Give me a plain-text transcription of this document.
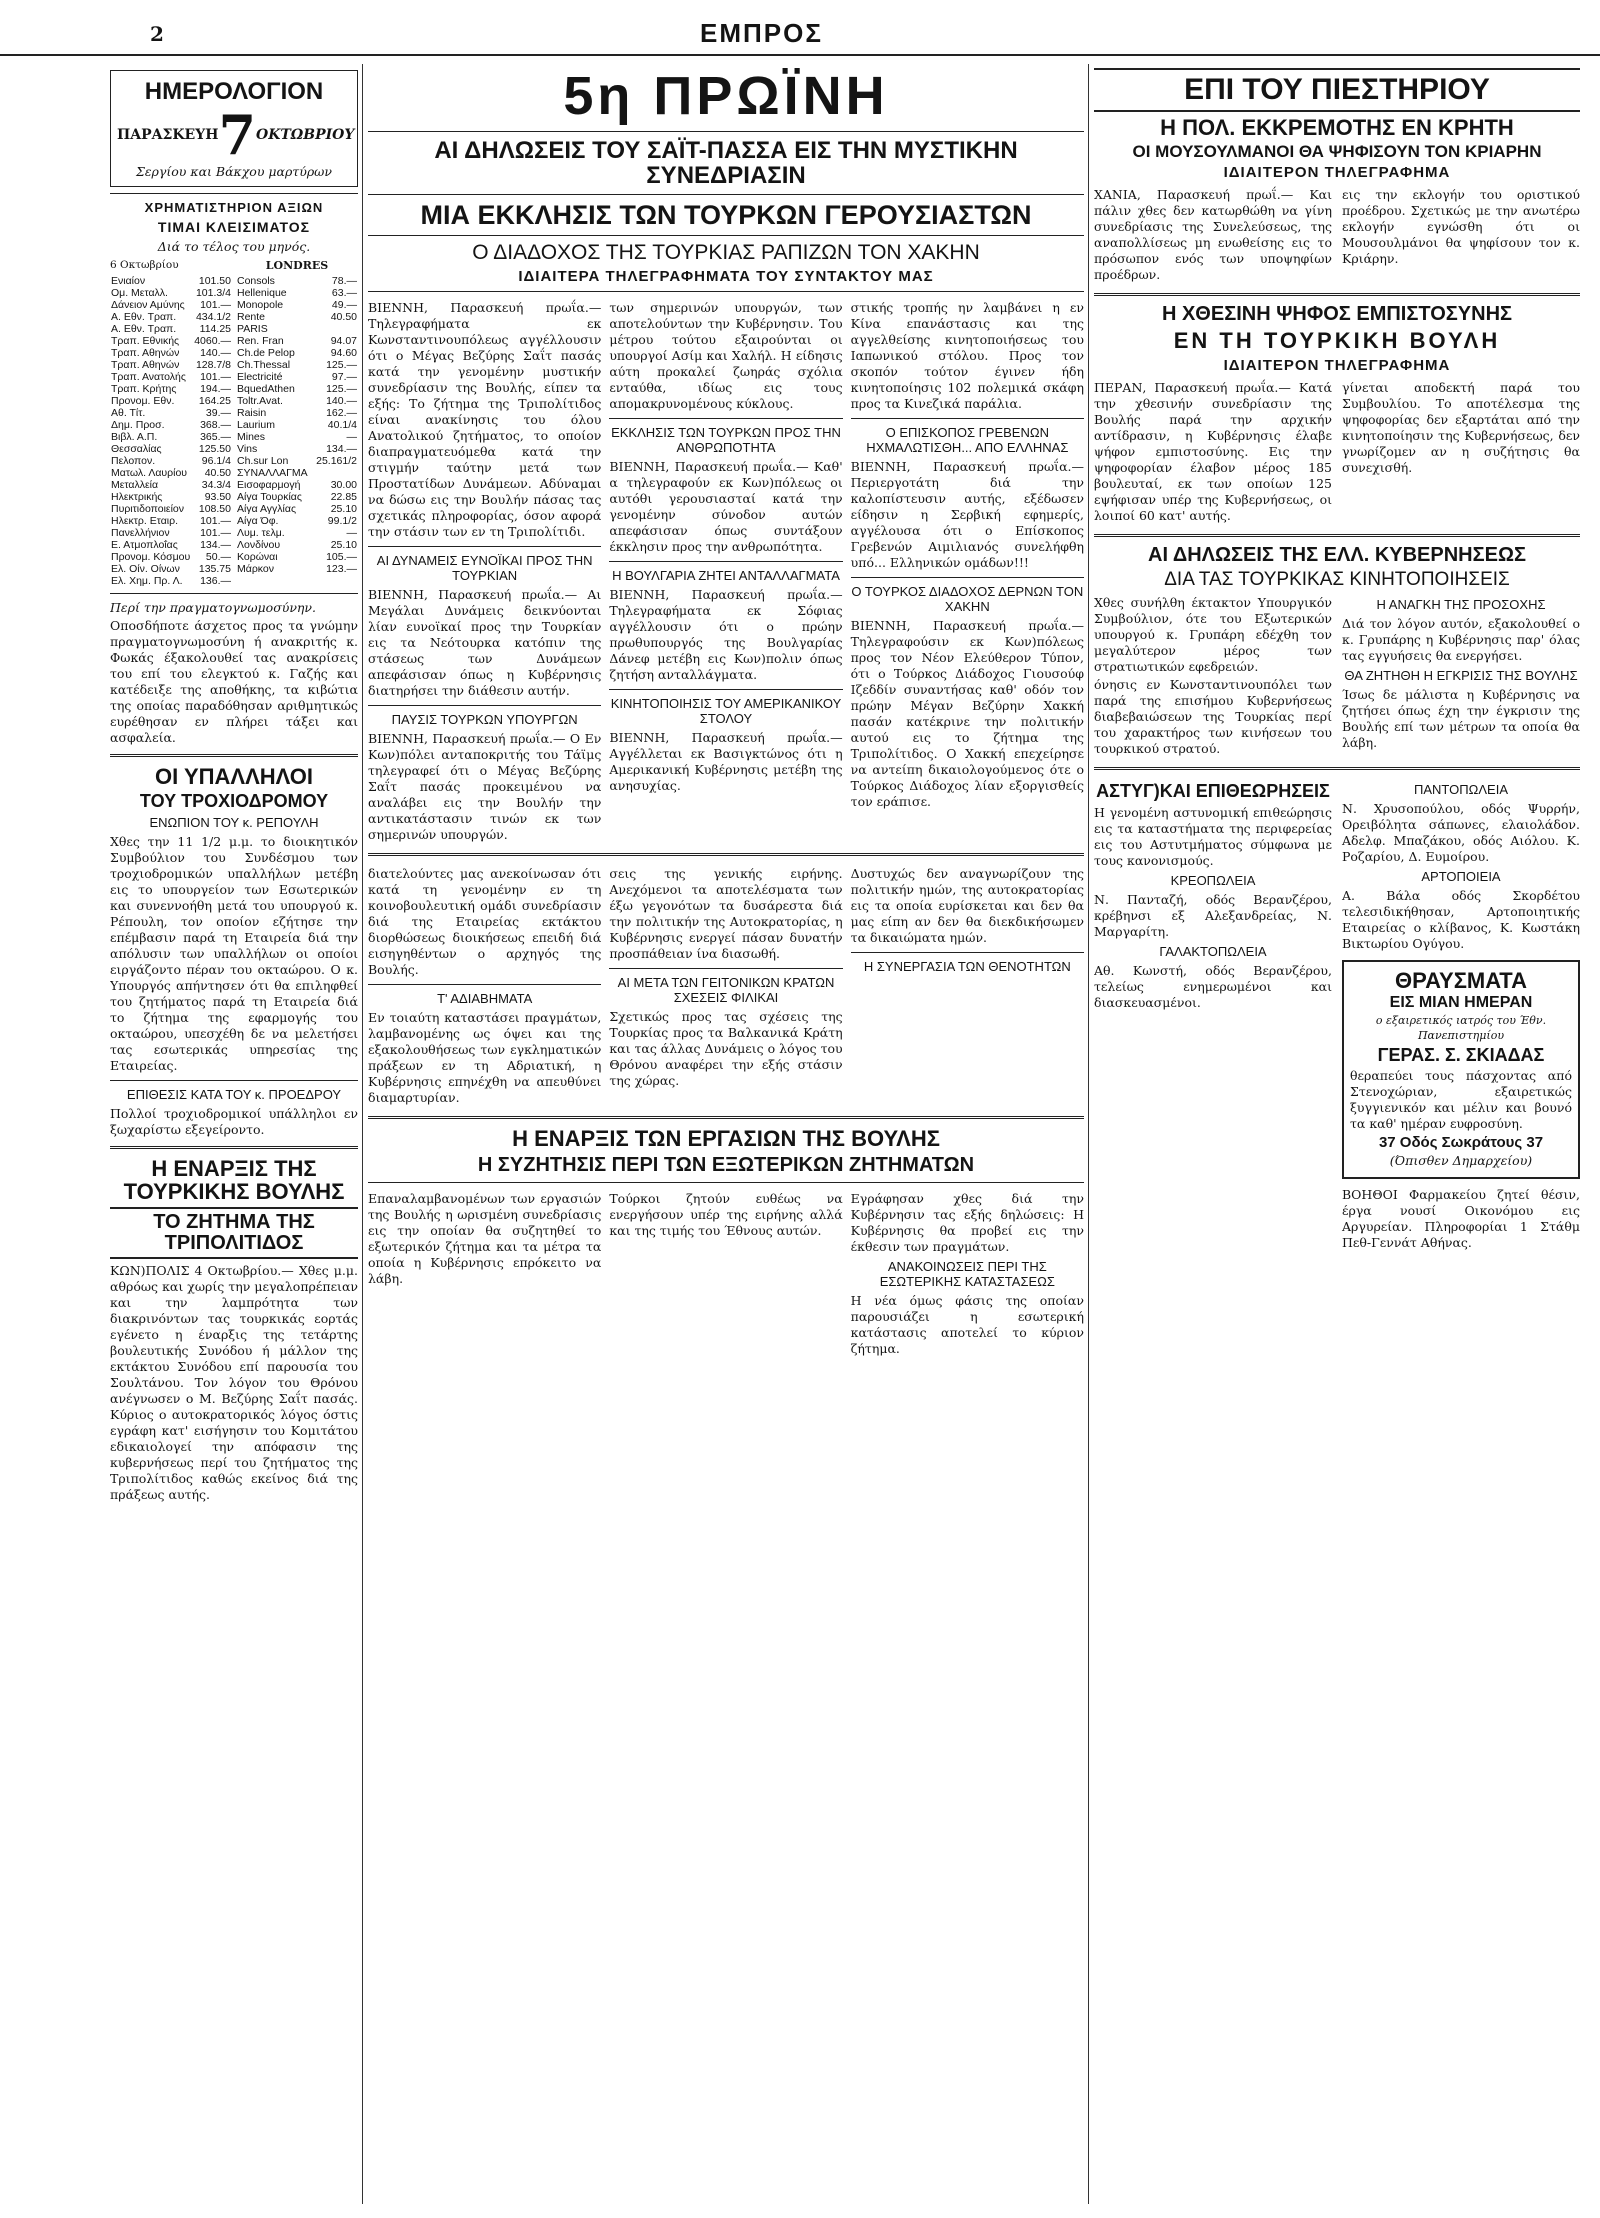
2	ΕΜΠΡΟΣ
ΗΜΕΡΟΛΟΓΙΟΝ
ΠΑΡΑΣΚΕΥΗ 7 ΟΚΤΩΒΡΙΟΥ
Σεργίου και Βάκχου μαρτύρων
ΧΡΗΜΑΤΙΣΤΗΡΙΟΝ ΑΞΙΩΝ
ΤΙΜΑΙ ΚΛΕΙΣΙΜΑΤΟΣ
Διά το τέλος του μηνός.
6 Οκτωβρίου
Ενιαίον	101.50
Ομ. Μεταλλ.	101.3/4
Δάνειον Αμύνης	101.—
Α. Εθν. Τραπ.	434.1/2
Α. Εθν. Τραπ.	114.25
Τραπ. Εθνικής	4060.—
Τραπ. Αθηνών	140.—
Τραπ. Αθηνών	128.7/8
Τραπ. Ανατολής	101.—
Τραπ. Κρήτης	194.—
Προνομ. Εθν.	164.25
Αθ. Τίτ.	39.—
Δημ. Προσ.	368.—
Βιβλ. Α.Π.	365.—
Θεσσαλίας	125.50
Πελοπον.	96.1/4
Ματωλ. Λαυρίου	40.50
Μεταλλεία	34.3/4
Ηλεκτρικής	93.50
Πυριτιδοποιείον	108.50
Ηλεκτρ. Εταιρ.	101.—
Πανελλήνιον	101.—
Ε. Ατμοπλοΐας	134.—
Προνομ. Κόσμου	50.—
Ελ. Οίν. Οίνων	135.75
Ελ. Χημ. Πρ. Λ.	136.—
LONDRES
Consols	78.—
Hellenique	63.—
Monopole	49.—
Rente	40.50
PARIS	
Ren. Fran	94.07
Ch.de Pelop	94.60
Ch.Thessal	125.—
Electricité	97.—
BquedAthen	125.—
Toltr.Avat.	140.—
Raisin	162.—
Laurium	40.1/4
Mines	—
Vins	134.—
Ch.sur Lon	25.161/2
ΣΥΝΑΛΛΑΓΜΑ	
Εισοφαρμογή	30.00
Αίγα Τουρκίας	22.85
Αίγα Αγγλίας	25.10
Αίγα Όφ.	99.1/2
Λυμ. τελμ.	—
Λονδίνου	25.10
Κορώναι	105.—
Μάρκον	123.—
Περί την πραγματογνωμοσύνην.
Οποσδήποτε άσχετος προς τα γνώμην πραγματογνωμοσύνη ή ανακριτής κ. Φωκάς έξακολουθεί τας ανακρίσεις του επί του ελεγκτού κ. Γαζής και κατέδειξε της αποθήκης, τα κιβώτια της οποίας παραδόθησαν αριθμητικώς ευρέθησαν εν πλήρει τάξει και ασφαλεία.
ΟΙ ΥΠΑΛΛΗΛΟΙ
ΤΟΥ ΤΡΟΧΙΟΔΡΟΜΟΥ
ΕΝΩΠΙΟΝ ΤΟΥ κ. ΡΕΠΟΥΛΗ
Χθες την 11 1/2 μ.μ. το διοικητικόν Συμβούλιον του Συνδέσμου των τροχιοδρομικών υπαλλήλων μετέβη εις το υπουργείον των Εσωτερικών και συνεννοήθη μετά του υπουργού κ. Ρέπουλη, τον οποίον εζήτησε την επέμβασιν παρά τη Εταιρεία διά την απόλυσιν των υπαλλήλων οι οποίοι ειργάζοντο πέραν του οκταώρου. Ο κ. Υπουργός απήντησεν ότι θα επιληφθεί του ζητήματος παρά τη Εταιρεία διά το ζήτημα της εφαρμογής του οκταώρου, υπεσχέθη δε να μελετήσει τας εσωτερικάς υπηρεσίας της Εταιρείας.
ΕΠΙΘΕΣΙΣ ΚΑΤΑ ΤΟΥ κ. ΠΡΟΕΔΡΟΥ
Πολλοί τροχιοδρομικοί υπάλληλοι εν ξωχαρίστω εξεγείροντο.
Η ΕΝΑΡΞΙΣ ΤΗΣ ΤΟΥΡΚΙΚΗΣ ΒΟΥΛΗΣ
ΤΟ ΖΗΤΗΜΑ ΤΗΣ ΤΡΙΠΟΛΙΤΙΔΟΣ
ΚΩΝ)ΠΟΛΙΣ 4 Οκτωβρίου.— Χθες μ.μ. αθρόως και χωρίς την μεγαλοπρέπειαν και την λαμπρότητα των διακρινόντων τας τουρκικάς εορτάς εγένετο η έναρξις της τετάρτης βουλευτικής Συνόδου ή μάλλον της εκτάκτου Συνόδου επί παρουσία του Σουλτάνου. Τον λόγον του Θρόνου ανέγνωσεν ο Μ. Βεζύρης Σαΐτ πασάς. Κύριος ο αυτοκρατορικός λόγος όστις εγράφη κατ' εισήγησιν του Κομιτάτου εδικαιολογεί την απόφασιν της κυβερνήσεως περί του ζητήματος της Τριπολίτιδος καθώς εκείνος διά της πράξεως αυτής.
5η ΠΡΩΪΝΗ
ΑΙ ΔΗΛΩΣΕΙΣ ΤΟΥ ΣΑΪΤ-ΠΑΣΣΑ ΕΙΣ ΤΗΝ ΜΥΣΤΙΚΗΝ ΣΥΝΕΔΡΙΑΣΙΝ
ΜΙΑ ΕΚΚΛΗΣΙΣ ΤΩΝ ΤΟΥΡΚΩΝ ΓΕΡΟΥΣΙΑΣΤΩΝ
Ο ΔΙΑΔΟΧΟΣ ΤΗΣ ΤΟΥΡΚΙΑΣ ΡΑΠΙΖΩΝ ΤΟΝ ΧΑΚΗΝ
ΙΔΙΑΙΤΕΡΑ ΤΗΛΕΓΡΑΦΗΜΑΤΑ ΤΟΥ ΣΥΝΤΑΚΤΟΥ ΜΑΣ
ΒΙΕΝΝΗ, Παρασκευή πρωΐα.— Τηλεγραφήματα εκ Κωνσταντινουπόλεως αγγέλλουσιν ότι ο Μέγας Βεζύρης Σαΐτ πασάς κατά την γενομένην μυστικήν συνεδρίασιν της Βουλής, είπεν τα εξής: Το ζήτημα της Τριπολίτιδος είναι ανακίνησις του όλου Ανατολικού ζητήματος, το οποίον διαπραγματευόμεθα κατά την στιγμήν ταύτην μετά των Προστατίδων Δυνάμεων. Αδύναμαι να δώσω εις την Βουλήν πάσας τας σχετικάς πληροφορίας, όσον αφορά την στάσιν των εν τη Τριπολίτιδι.
ΑΙ ΔΥΝΑΜΕΙΣ ΕΥΝΟΪΚΑΙ ΠΡΟΣ ΤΗΝ ΤΟΥΡΚΙΑΝ
ΒΙΕΝΝΗ, Παρασκευή πρωΐα.— Αι Μεγάλαι Δυνάμεις δεικνύονται λίαν ευνοϊκαί προς την Τουρκίαν εις τα Νεότουρκα κατόπιν της στάσεως των Δυνάμεων απεφάσισαν όπως η Κυβέρνησις διατηρήσει την διάθεσιν αυτήν.
ΠΑΥΣΙΣ ΤΟΥΡΚΩΝ ΥΠΟΥΡΓΩΝ
ΒΙΕΝΝΗ, Παρασκευή πρωΐα.— Ο Εν Κων)πόλει ανταποκριτής του Τάϊμς τηλεγραφεί ότι ο Μέγας Βεζύρης Σαΐτ πασάς προκειμένου να αναλάβει εις την Βουλήν την αντικατάστασιν τινών εκ των σημερινών υπουργών.
των σημερινών υπουργών, των αποτελούντων την Κυβέρνησιν. Του μέτρου τούτου εξαιρούνται οι υπουργοί Ασίμ και Χαλήλ. Η είδησις αύτη προκαλεί ζωηράς σχόλια ενταύθα, ιδίως εις τους απομακρυνομένους κύκλους.
ΕΚΚΛΗΣΙΣ ΤΩΝ ΤΟΥΡΚΩΝ ΠΡΟΣ ΤΗΝ ΑΝΘΡΩΠΟΤΗΤΑ
ΒΙΕΝΝΗ, Παρασκευή πρωΐα.— Καθ' α τηλεγραφούν εκ Κων)πόλεως οι αυτόθι γερουσιασταί κατά την γενομένην σύνοδον αυτών απεφάσισαν όπως συντάξουν έκκλησιν προς την ανθρωπότητα.
Η ΒΟΥΛΓΑΡΙΑ ΖΗΤΕΙ ΑΝΤΑΛΛΑΓΜΑΤΑ
ΒΙΕΝΝΗ, Παρασκευή πρωΐα.— Τηλεγραφήματα εκ Σόφιας αγγέλλουσιν ότι ο πρώην πρωθυπουργός της Βουλγαρίας Δάνεφ μετέβη εις Κων)πολιν όπως ζητήση ανταλλάγματα.
ΚΙΝΗΤΟΠΟΙΗΣΙΣ ΤΟΥ ΑΜΕΡΙΚΑΝΙΚΟΥ ΣΤΟΛΟΥ
ΒΙΕΝΝΗ, Παρασκευή πρωΐα.— Αγγέλλεται εκ Βασιγκτώνος ότι η Αμερικανική Κυβέρνησις μετέβη της ανησυχίας.
στικής τροπής ην λαμβάνει η εν Κίνα επανάστασις και της αγγελθείσης κινητοποιήσεως του Ιαπωνικού στόλου. Προς τον σκοπόν τούτον έγινεν ήδη κινητοποίησις 102 πολεμικά σκάφη προς τα Κινεζικά παράλια.
Ο ΕΠΙΣΚΟΠΟΣ ΓΡΕΒΕΝΩΝ ΗΧΜΑΛΩΤΙΣΘΗ... ΑΠΟ ΕΛΛΗΝΑΣ
ΒΙΕΝΝΗ, Παρασκευή πρωΐα.— Περιεργοτάτη διά την καλοπίστευσιν αυτής, εξέδωσεν είδησιν η Σερβική εφημερίς, αγγέλουσα ότι ο Επίσκοπος Γρεβενών Αιμιλιανός συνελήφθη υπό... Ελληνικών ομάδων!!!
Ο ΤΟΥΡΚΟΣ ΔΙΑΔΟΧΟΣ ΔΕΡΝΩΝ ΤΟΝ ΧΑΚΗΝ
ΒΙΕΝΝΗ, Παρασκευή πρωΐα.— Τηλεγραφούσιν εκ Κων)πόλεως προς τον Νέον Ελεύθερον Τύπον, ότι ο Τούρκος Διάδοχος Γιουσούφ Ιζεδδίν συναντήσας καθ' οδόν τον πρώην Μέγαν Βεζύρην Χακκή πασάν κατέκρινε την πολιτικήν αυτού εις το ζήτημα της Τριπολίτιδος. Ο Χακκή επεχείρησε να αντείπη δικαιολογούμενος ότε ο Τούρκος Διάδοχος λίαν εξοργισθείς τον εράπισε.
διατελούντες μας ανεκοίνωσαν ότι κατά τη γενομένην εν τη κοινοβουλευτική ομάδι συνεδρίασιν διά της Εταιρείας εκτάκτου διορθώσεως διοικήσεως επειδή διά εισηγηθέντων ο αρχηγός της Βουλής.
Τ' ΑΔΙΑΒΗΜΑΤΑ
Εν τοιαύτη καταστάσει πραγμάτων, λαμβανομένης ως όψει και της εξακολουθήσεως των εγκληματικών πράξεων εν τη Αδριατική, η Κυβέρνησις επηνέχθη να απευθύνει διαμαρτυρίαν.
σεις της γενικής ειρήνης. Ανεχόμενοι τα αποτελέσματα των έξω γεγονότων τα δυσάρεστα διά την πολιτικήν της Αυτοκρατορίας, η Κυβέρνησις ενεργεί πάσαν δυνατήν προσπάθειαν ίνα διασωθή.
ΑΙ ΜΕΤΑ ΤΩΝ ΓΕΙΤΟΝΙΚΩΝ ΚΡΑΤΩΝ ΣΧΕΣΕΙΣ ΦΙΛΙΚΑΙ
Σχετικώς προς τας σχέσεις της Τουρκίας προς τα Βαλκανικά Κράτη και τας άλλας Δυνάμεις ο λόγος του Θρόνου αναφέρει την εξής στάσιν της χώρας.
Δυστυχώς δεν αναγνωρίζουν της πολιτικήν ημών, της αυτοκρατορίας εις τα οποία ευρίσκεται και δεν θα μας είπη αν δεν θα διεκδικήσωμεν τα δικαιώματα ημών.
Η ΣΥΝΕΡΓΑΣΙΑ ΤΩΝ ΘΕΝΟΤΗΤΩΝ
Η ΕΝΑΡΞΙΣ ΤΩΝ ΕΡΓΑΣΙΩΝ ΤΗΣ ΒΟΥΛΗΣ
Η ΣΥΖΗΤΗΣΙΣ ΠΕΡΙ ΤΩΝ ΕΞΩΤΕΡΙΚΩΝ ΖΗΤΗΜΑΤΩΝ
Επαναλαμβανομένων των εργασιών της Βουλής η ωρισμένη συνεδρίασις εις την οποίαν θα συζητηθεί το εξωτερικόν ζήτημα και τα μέτρα τα οποία η Κυβέρνησις επρόκειτο να λάβη.
Τούρκοι ζητούν ευθέως να ενεργήσουν υπέρ της ειρήνης αλλά και της τιμής του Έθνους αυτών.
Εγράφησαν χθες διά την Κυβέρνησιν τας εξής δηλώσεις: Η Κυβέρνησις θα προβεί εις την έκθεσιν των πραγμάτων.
ΑΝΑΚΟΙΝΩΣΕΙΣ ΠΕΡΙ ΤΗΣ ΕΣΩΤΕΡΙΚΗΣ ΚΑΤΑΣΤΑΣΕΩΣ
Η νέα όμως φάσις της οποίαν παρουσιάζει η εσωτερική κατάστασις αποτελεί το κύριον ζήτημα.
ΕΠΙ ΤΟΥ ΠΙΕΣΤΗΡΙΟΥ
Η ΠΟΛ. ΕΚΚΡΕΜΟΤΗΣ ΕΝ ΚΡΗΤΗ
ΟΙ ΜΟΥΣΟΥΛΜΑΝΟΙ ΘΑ ΨΗΦΙΣΟΥΝ ΤΟΝ ΚΡΙΑΡΗΝ
ΙΔΙΑΙΤΕΡΟΝ ΤΗΛΕΓΡΑΦΗΜΑ
ΧΑΝΙΑ, Παρασκευή πρωΐ.— Και πάλιν χθες δεν κατωρθώθη να γίνη συνεδρίασις της Συνελεύσεως, της αναπολλίσεως μη ενωθείσης εις το πρόσωπον ενός των υποψηφίων προέδρων.
εις την εκλογήν του οριστικού προέδρου. Σχετικώς με την ανωτέρω εκλογήν εγνώσθη ότι οι Μουσουλμάνοι θα ψηφίσουν τον κ. Κριάρην.
Η ΧΘΕΣΙΝΗ ΨΗΦΟΣ ΕΜΠΙΣΤΟΣΥΝΗΣ
ΕΝ ΤΗ ΤΟΥΡΚΙΚΗ ΒΟΥΛΗ
ΙΔΙΑΙΤΕΡΟΝ ΤΗΛΕΓΡΑΦΗΜΑ
ΠΕΡΑΝ, Παρασκευή πρωΐα.— Κατά την χθεσινήν συνεδρίασιν της Βουλής παρά την αρχικήν αντίδρασιν, η Κυβέρνησις έλαβε ψήφον εμπιστοσύνης. Εις την ψηφοφορίαν έλαβον μέρος 185 βουλευταί, εκ των οποίων 125 εψήφισαν υπέρ της Κυβερνήσεως, οι λοιποί 60 κατ' αυτής.
γίνεται αποδεκτή παρά του Συμβουλίου. Το αποτέλεσμα της ψηφοφορίας δεν εξαρτάται από την κινητοποίησιν της Κυβερνήσεως, δεν γνωρίζομεν αν η συζήτησις θα συνεχισθή.
ΑΙ ΔΗΛΩΣΕΙΣ ΤΗΣ ΕΛΛ. ΚΥΒΕΡΝΗΣΕΩΣ
ΔΙΑ ΤΑΣ ΤΟΥΡΚΙΚΑΣ ΚΙΝΗΤΟΠΟΙΗΣΕΙΣ
Χθες συνήλθη έκτακτον Υπουργικόν Συμβούλιον, ότε του Εξωτερικών υπουργού κ. Γρυπάρη εδέχθη τον μεγαλύτερον μέρος των στρατιωτικών εφεδρειών.
όνησις εν Κωνσταντινουπόλει των παρά της επισήμου Κυβερνήσεως διαβεβαιώσεων της Τουρκίας περί του χαρακτήρος των κινήσεων του τουρκικού στρατού.
Η ΑΝΑΓΚΗ ΤΗΣ ΠΡΟΣΟΧΗΣ
Διά τον λόγον αυτόν, εξακολουθεί ο κ. Γρυπάρης η Κυβέρνησις παρ' όλας τας εγγυήσεις θα ενεργήσει.
ΘΑ ΖΗΤΗΘΗ Η ΕΓΚΡΙΣΙΣ ΤΗΣ ΒΟΥΛΗΣ
Ίσως δε μάλιστα η Κυβέρνησις να ζητήσει όπως έχη την έγκρισιν της Βουλής επί των μέτρων τα οποία θα λάβη.
ΑΣΤΥΓ)ΚΑΙ ΕΠΙΘΕΩΡΗΣΕΙΣ
Η γενομένη αστυνομική επιθεώρησις εις τα καταστήματα της περιφερείας εις του Αστυτμήματος σύμφωνα με τους κανονισμούς.
ΚΡΕΟΠΩΛΕΙΑ
Ν. Πανταζή, οδός Βερανζέρου, κρέβηνσι εξ Αλεξανδρείας, Ν. Μαργαρίτη.
ΓΑΛΑΚΤΟΠΩΛΕΙΑ
Αθ. Κωνστή, οδός Βερανζέρου, τελείως ενημερωμένοι και διασκευασμένοι.
ΠΑΝΤΟΠΩΛΕΙΑ
Ν. Χρυσοπούλου, οδός Ψυρρήν, Ορειβόλητα σάπωνες, ελαιολάδον. Αδελφ. Μπαζάκου, οδός Αιόλου. Κ. Ροζαρίου, Δ. Ευμοίρου.
ΑΡΤΟΠΟΙΕΙΑ
Α. Βάλα οδός Σκορδέτου τελεσιδικήθησαν, Αρτοποιητικής Εταιρείας ο κλίβανος, Κ. Κωστάκη Βικτωρίου Ογύγου.
ΘΡΑΥΣΜΑΤΑ
ΕΙΣ ΜΙΑΝ ΗΜΕΡΑΝ
ο εξαιρετικός ιατρός του Έθν. Πανεπιστημίου
ΓΕΡΑΣ. Σ. ΣΚΙΑΔΑΣ
θεραπεύει τους πάσχοντας από Στενοχώριαν, εξαιρετικώς ξυγγιενικόν και μέλιν και βουνό τα καθ' ημέραν ευφροσύνη.
37 Οδός Σωκράτους 37
(Όπισθεν Δημαρχείου)
ΒΟΗΘΟΙ Φαρμακείου ζητεί θέσιν, έργα νουσί Οικονόμου εις Αργυρείαν. Πληροφορίαι 1 Στάθμ Πεθ-Γεννάτ Αθήνας.
